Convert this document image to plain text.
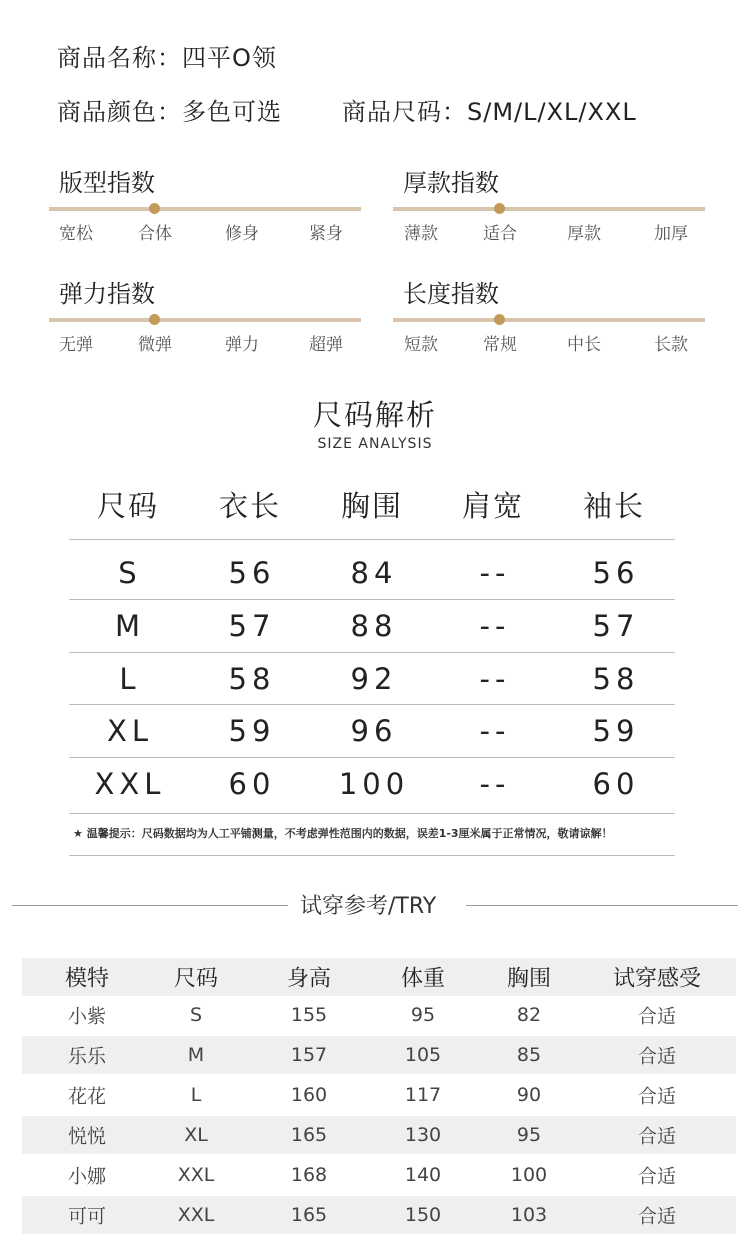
商品名称：四平O领
商品颜色：多色可选	商品尺码：S/M/L/XL/XXL
版型指数
宽松	合体	修身	紧身
厚款指数
薄款	适合	厚款	加厚
弹力指数
无弹	微弹	弹力	超弹
长度指数
短款	常规	中长	长款
尺码解析
SIZE ANALYSIS
尺码 衣长 胸围 肩宽 袖长
S	56	84	--	56
M	57	88	--	57
L	58	92	--	58
XL	59	96	--	59
XXL 60 100 --	60
★ 温馨提示：尺码数据均为人工平铺测量，不考虑弹性范围内的数据，误差1-3厘米属于正常情况，敬请谅解！
试穿参考/TRY
模特	尺码	身高	体重	胸围	试穿感受
小紫	S	155	95	82	合适
乐乐	M	157	105	85	合适
花花	L	160	117	90	合适
悦悦	XL	165	130	95	合适
小娜	XXL	168	140	100	合适
可可	XXL	165	150	103	合适
